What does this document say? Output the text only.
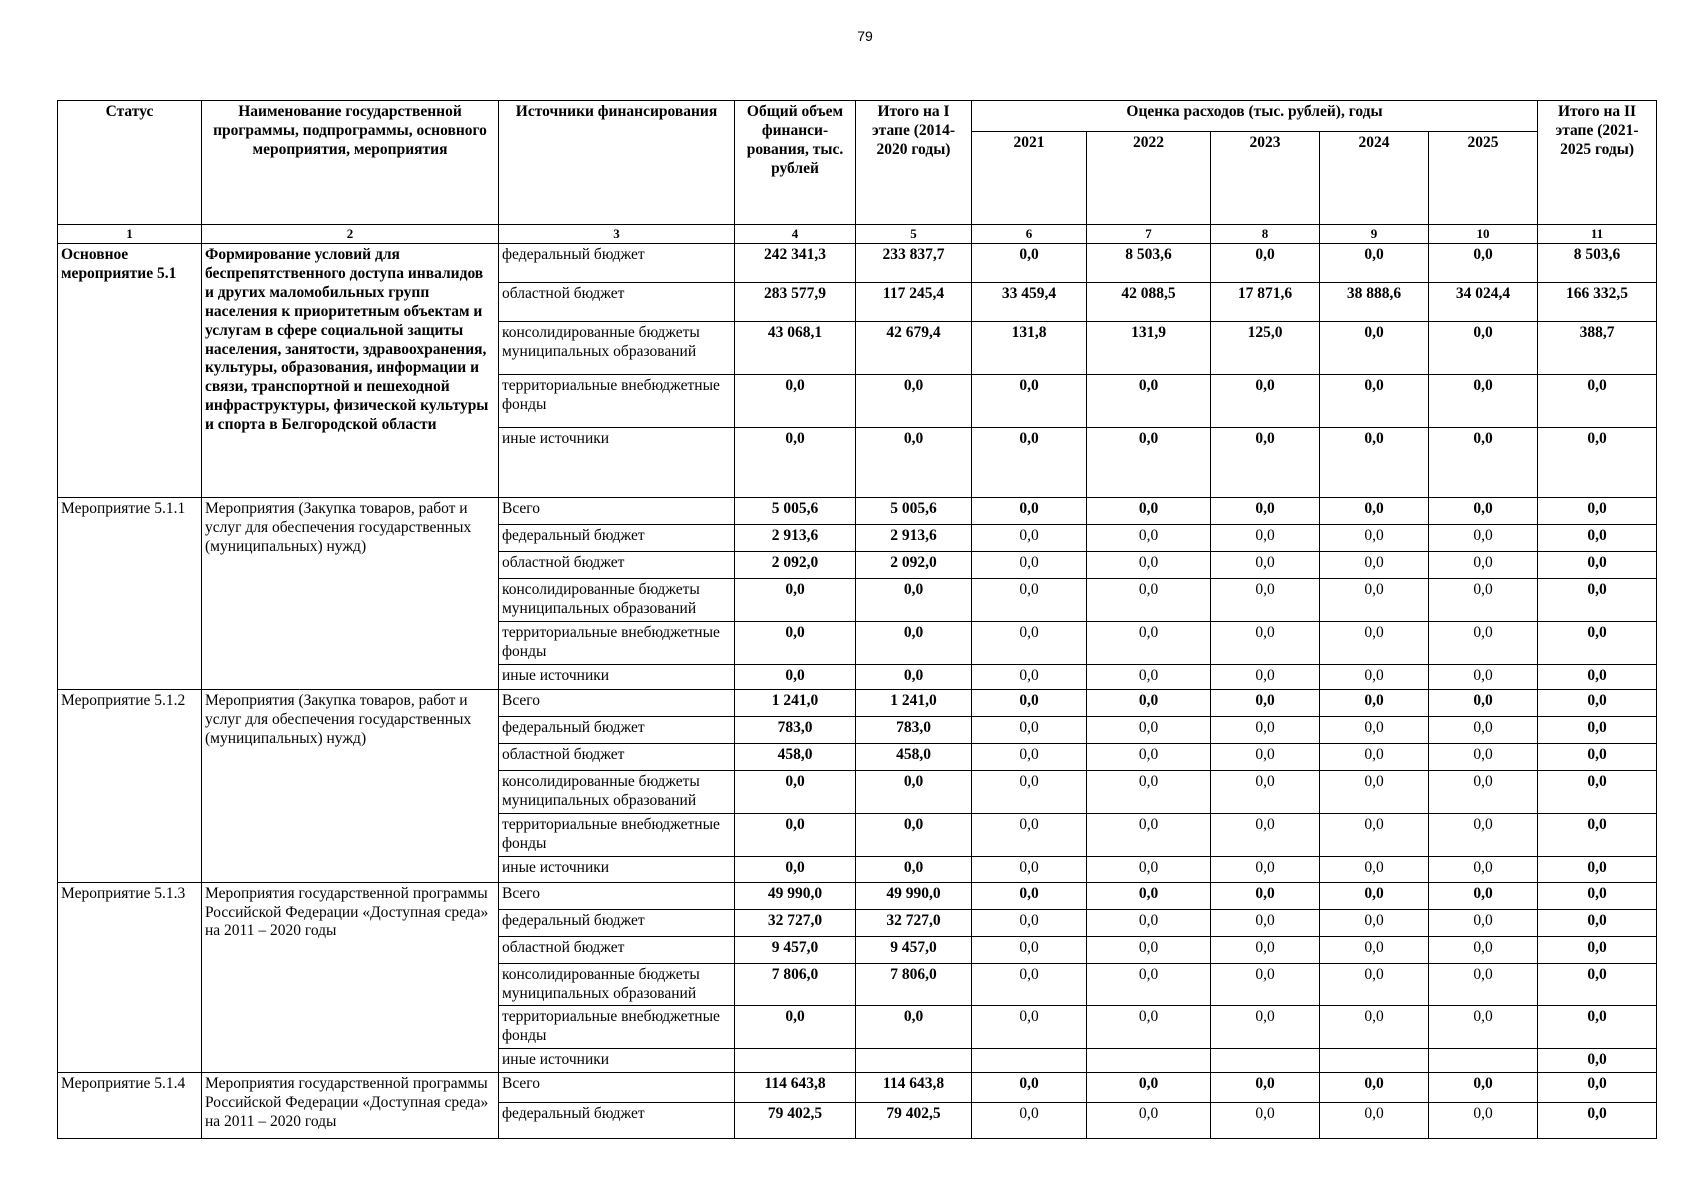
79
Статус	Наименование государственной программы, подпрограммы, основного мероприятия, мероприятия	Источники финансирования	Общий объем финанси-рования, тыс. рублей	Итого на I этапе (2014-2020 годы)	Оценка расходов (тыс. рублей), годы					Итого на II этапе (2021-2025 годы)
					2021	2022	2023	2024	2025	
1	2	3	4	5	6	7	8	9	10	11
Основное мероприятие 5.1	Формирование условий для беспрепятственного доступа инвалидов и других маломобильных групп населения к приоритетным объектам и услугам в сфере социальной защиты населения, занятости, здравоохранения, культуры, образования, информации и связи, транспортной и пешеходной инфраструктуры, физической культуры и спорта в Белгородской области	федеральный бюджет	242 341,3	233 837,7	0,0	8 503,6	0,0	0,0	0,0	8 503,6
		областной бюджет	283 577,9	117 245,4	33 459,4	42 088,5	17 871,6	38 888,6	34 024,4	166 332,5
		консолидированные бюджеты муниципальных образований	43 068,1	42 679,4	131,8	131,9	125,0	0,0	0,0	388,7
		территориальные внебюджетные фонды	0,0	0,0	0,0	0,0	0,0	0,0	0,0	0,0
		иные источники	0,0	0,0	0,0	0,0	0,0	0,0	0,0	0,0
Мероприятие 5.1.1	Мероприятия (Закупка товаров, работ и услуг для обеспечения государственных (муниципальных) нужд)	Всего	5 005,6	5 005,6	0,0	0,0	0,0	0,0	0,0	0,0
		федеральный бюджет	2 913,6	2 913,6	0,0	0,0	0,0	0,0	0,0	0,0
		областной бюджет	2 092,0	2 092,0	0,0	0,0	0,0	0,0	0,0	0,0
		консолидированные бюджеты муниципальных образований	0,0	0,0	0,0	0,0	0,0	0,0	0,0	0,0
		территориальные внебюджетные фонды	0,0	0,0	0,0	0,0	0,0	0,0	0,0	0,0
		иные источники	0,0	0,0	0,0	0,0	0,0	0,0	0,0	0,0
Мероприятие 5.1.2	Мероприятия (Закупка товаров, работ и услуг для обеспечения государственных (муниципальных) нужд)	Всего	1 241,0	1 241,0	0,0	0,0	0,0	0,0	0,0	0,0
		федеральный бюджет	783,0	783,0	0,0	0,0	0,0	0,0	0,0	0,0
		областной бюджет	458,0	458,0	0,0	0,0	0,0	0,0	0,0	0,0
		консолидированные бюджеты муниципальных образований	0,0	0,0	0,0	0,0	0,0	0,0	0,0	0,0
		территориальные внебюджетные фонды	0,0	0,0	0,0	0,0	0,0	0,0	0,0	0,0
		иные источники	0,0	0,0	0,0	0,0	0,0	0,0	0,0	0,0
Мероприятие 5.1.3	Мероприятия государственной программы Российской Федерации «Доступная среда» на 2011 – 2020 годы	Всего	49 990,0	49 990,0	0,0	0,0	0,0	0,0	0,0	0,0
		федеральный бюджет	32 727,0	32 727,0	0,0	0,0	0,0	0,0	0,0	0,0
		областной бюджет	9 457,0	9 457,0	0,0	0,0	0,0	0,0	0,0	0,0
		консолидированные бюджеты муниципальных образований	7 806,0	7 806,0	0,0	0,0	0,0	0,0	0,0	0,0
		территориальные внебюджетные фонды	0,0	0,0	0,0	0,0	0,0	0,0	0,0	0,0
		иные источники								0,0
Мероприятие 5.1.4	Мероприятия государственной программы Российской Федерации «Доступная среда» на 2011 – 2020 годы	Всего	114 643,8	114 643,8	0,0	0,0	0,0	0,0	0,0	0,0
		федеральный бюджет	79 402,5	79 402,5	0,0	0,0	0,0	0,0	0,0	0,0
